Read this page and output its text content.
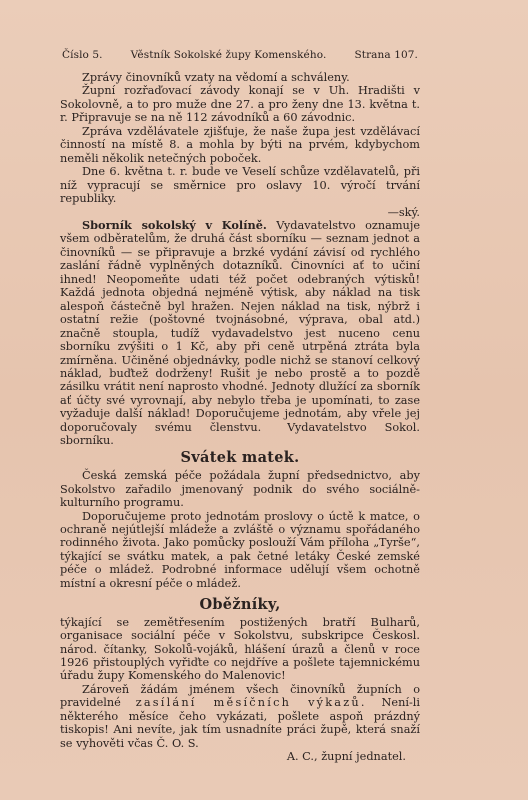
Číslo 5.	Věstník Sokolské župy Komenského.	Strana 107.

Zprávy činovníků vzaty na vědomí a schváleny.

Župní rozřaďovací závody konají se v Uh. Hradišti v Sokolovně, a to pro muže dne 27. a pro ženy dne 13. května t. r. Připravuje se na ně 112 závodníků a 60 závodnic.

Zpráva vzdělávatele zjišťuje, že naše župa jest vzdělávací činností na místě 8. a mohla by býti na prvém, kdybychom neměli několik netečných poboček.

Dne 6. května t. r. bude ve Veselí schůze vzdělavatelů, při níž vypracují se směrnice pro oslavy 10. výročí trvání republiky.

—ský.

Sborník sokolský v Kolíně. Vydavatelstvo oznamuje všem odběratelům, že druhá část sborníku — seznam jednot a činovníků — se připravuje a brzké vydání závisí od rychlého zaslání řádně vyplněných dotazníků. Činovníci ať to učiní ihned! Neopomeňte udati též počet odebraných výtisků! Každá jednota objedná nejméně výtisk, aby náklad na tisk alespoň částečně byl hražen. Nejen náklad na tisk, nýbrž i ostatní režie (poštovné tvojnásobné, výprava, obal atd.) značně stoupla, tudíž vydavadelstvo jest nuceno cenu sborníku zvýšiti o 1 Kč, aby při ceně utrpěná ztráta byla zmírněna. Učiněné objednávky, podle nichž se stanoví celkový náklad, buďtež dodrženy! Rušit je nebo prostě a to pozdě zásilku vrátit není naprosto vhodné. Jednoty dlužící za sborník ať účty své vyrovnají, aby nebylo třeba je upomínati, to zase vyžaduje další náklad! Doporučujeme jednotám, aby vřele jej doporučovaly svému členstvu. Vydavatelstvo Sokol. sborníku.

Svátek matek.

Česká zemská péče požádala župní předsednictvo, aby Sokolstvo zařadilo jmenovaný podnik do svého sociálně-kulturního programu.

Doporučujeme proto jednotám proslovy o úctě k matce, o ochraně nejútlejší mládeže a zvláště o významu spořádaného rodinného života. Jako pomůcky poslouží Vám příloha „Tyrše“, týkající se svátku matek, a pak četné letáky České zemské péče o mládež. Podrobné informace udělují všem ochotně místní a okresní péče o mládež.

Oběžníky,

týkající se zemětřesením postižených bratří Bulharů, organisace sociální péče v Sokolstvu, subskripce Českosl. národ. čítanky, Sokolů-vojáků, hlášení úrazů a členů v roce 1926 přistouplých vyřiďte co nejdříve a pošlete tajemnickému úřadu župy Komenského do Malenovic!

Zároveň žádám jménem všech činovníků župních o pravidelné zasílání měsíčních výkazů. Není-li některého měsíce čeho vykázati, pošlete aspoň prázdný tiskopis! Ani nevíte, jak tím usnadníte práci župě, která snaží se vyhověti včas Č. O. S.

A. C., župní jednatel.
